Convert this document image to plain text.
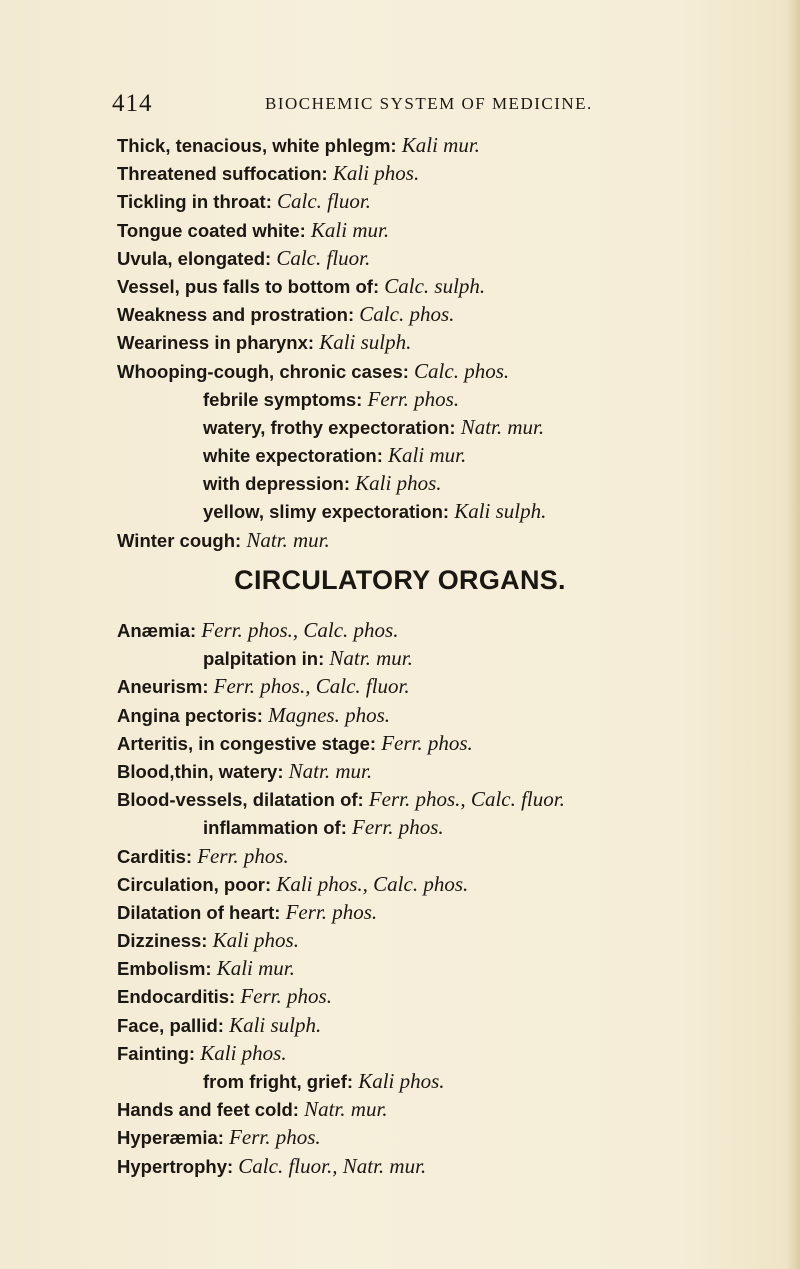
414	BIOCHEMIC SYSTEM OF MEDICINE.
Thick, tenacious, white phlegm: Kali mur.
Threatened suffocation: Kali phos.
Tickling in throat: Calc. fluor.
Tongue coated white: Kali mur.
Uvula, elongated: Calc. fluor.
Vessel, pus falls to bottom of: Calc. sulph.
Weakness and prostration: Calc. phos.
Weariness in pharynx: Kali sulph.
Whooping-cough, chronic cases: Calc. phos.
febrile symptoms: Ferr. phos.
watery, frothy expectoration: Natr. mur.
white expectoration: Kali mur.
with depression: Kali phos.
yellow, slimy expectoration: Kali sulph.
Winter cough: Natr. mur.
CIRCULATORY ORGANS.
Anæmia: Ferr. phos., Calc. phos.
palpitation in: Natr. mur.
Aneurism: Ferr. phos., Calc. fluor.
Angina pectoris: Magnes. phos.
Arteritis, in congestive stage: Ferr. phos.
Blood,thin, watery: Natr. mur.
Blood-vessels, dilatation of: Ferr. phos., Calc. fluor.
inflammation of: Ferr. phos.
Carditis: Ferr. phos.
Circulation, poor: Kali phos., Calc. phos.
Dilatation of heart: Ferr. phos.
Dizziness: Kali phos.
Embolism: Kali mur.
Endocarditis: Ferr. phos.
Face, pallid: Kali sulph.
Fainting: Kali phos.
from fright, grief: Kali phos.
Hands and feet cold: Natr. mur.
Hyperæmia: Ferr. phos.
Hypertrophy: Calc. fluor., Natr. mur.
